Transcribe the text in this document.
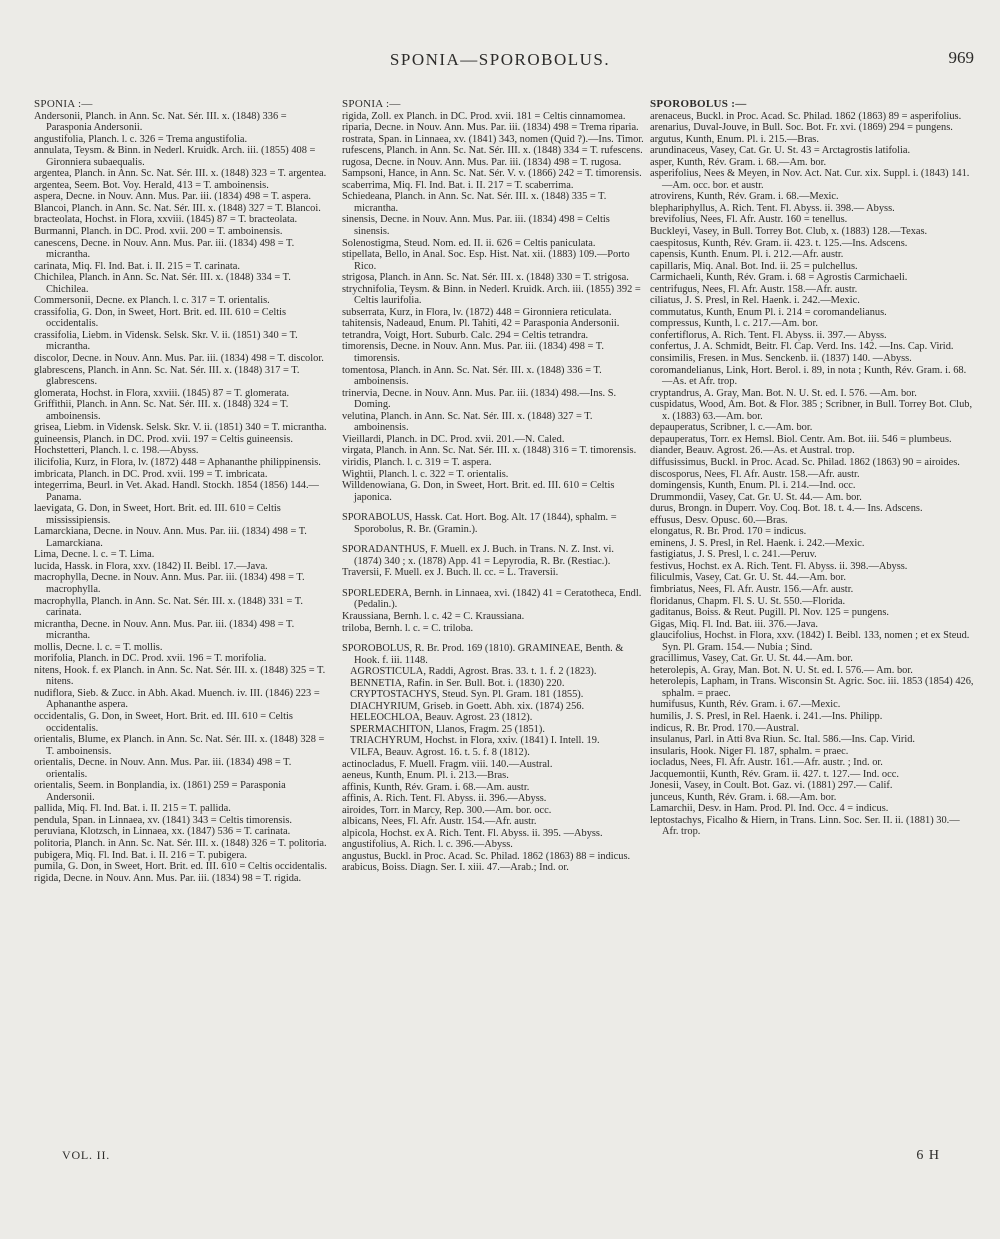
SPONIA—SPOROBOLUS.	969
SPONIA :—
Andersonii, Planch. in Ann. Sc. Nat. Sér. III. x. (1848) 336 = Parasponia Andersonii.
angustifolia, Planch. l. c. 326 = Trema angustifolia.
annulata, Teysm. & Binn. in Nederl. Kruidk. Arch. iii. (1855) 408 = Gironniera subaequalis.
argentea, Planch. in Ann. Sc. Nat. Sér. III. x. (1848) 323 = T. argentea.
argentea, Seem. Bot. Voy. Herald, 413 = T. amboinensis.
aspera, Decne. in Nouv. Ann. Mus. Par. iii. (1834) 498 = T. aspera.
Blancoi, Planch. in Ann. Sc. Nat. Sér. III. x. (1848) 327 = T. Blancoi.
bracteolata, Hochst. in Flora, xxviii. (1845) 87 = T. bracteolata.
Burmanni, Planch. in DC. Prod. xvii. 200 = T. amboinensis.
canescens, Decne. in Nouv. Ann. Mus. Par. iii. (1834) 498 = T. micrantha.
carinata, Miq. Fl. Ind. Bat. i. II. 215 = T. carinata.
Chichilea, Planch. in Ann. Sc. Nat. Sér. III. x. (1848) 334 = T. Chichilea.
Commersonii, Decne. ex Planch. l. c. 317 = T. orientalis.
crassifolia, G. Don, in Sweet, Hort. Brit. ed. III. 610 = Celtis occidentalis.
crassifolia, Liebm. in Vidensk. Selsk. Skr. V. ii. (1851) 340 = T. micrantha.
discolor, Decne. in Nouv. Ann. Mus. Par. iii. (1834) 498 = T. discolor.
glabrescens, Planch. in Ann. Sc. Nat. Sér. III. x. (1848) 317 = T. glabrescens.
glomerata, Hochst. in Flora, xxviii. (1845) 87 = T. glomerata.
Griffithii, Planch. in Ann. Sc. Nat. Sér. III. x. (1848) 324 = T. amboinensis.
grisea, Liebm. in Vidensk. Selsk. Skr. V. ii. (1851) 340 = T. micrantha.
guineensis, Planch. in DC. Prod. xvii. 197 = Celtis guineensis.
Hochstetteri, Planch. l. c. 198.—Abyss.
ilicifolia, Kurz, in Flora, lv. (1872) 448 = Aphananthe philippinensis.
imbricata, Planch. in DC. Prod. xvii. 199 = T. imbricata.
integerrima, Beurl. in Vet. Akad. Handl. Stockh. 1854 (1856) 144.—Panama.
laevigata, G. Don, in Sweet, Hort. Brit. ed. III. 610 = Celtis mississipiensis.
Lamarckiana, Decne. in Nouv. Ann. Mus. Par. iii. (1834) 498 = T. Lamarckiana.
Lima, Decne. l. c. = T. Lima.
lucida, Hassk. in Flora, xxv. (1842) II. Beibl. 17.—Java.
macrophylla, Decne. in Nouv. Ann. Mus. Par. iii. (1834) 498 = T. macrophylla.
macrophylla, Planch. in Ann. Sc. Nat. Sér. III. x. (1848) 331 = T. carinata.
micrantha, Decne. in Nouv. Ann. Mus. Par. iii. (1834) 498 = T. micrantha.
mollis, Decne. l. c. = T. mollis.
morifolia, Planch. in DC. Prod. xvii. 196 = T. morifolia.
nitens, Hook. f. ex Planch. in Ann. Sc. Nat. Sér. III. x. (1848) 325 = T. nitens.
nudiflora, Sieb. & Zucc. in Abh. Akad. Muench. iv. III. (1846) 223 = Aphananthe aspera.
occidentalis, G. Don, in Sweet, Hort. Brit. ed. III. 610 = Celtis occidentalis.
orientalis, Blume, ex Planch. in Ann. Sc. Nat. Sér. III. x. (1848) 328 = T. amboinensis.
orientalis, Decne. in Nouv. Ann. Mus. Par. iii. (1834) 498 = T. orientalis.
orientalis, Seem. in Bonplandia, ix. (1861) 259 = Parasponia Andersonii.
pallida, Miq. Fl. Ind. Bat. i. II. 215 = T. pallida.
pendula, Span. in Linnaea, xv. (1841) 343 = Celtis timorensis.
peruviana, Klotzsch, in Linnaea, xx. (1847) 536 = T. carinata.
politoria, Planch. in Ann. Sc. Nat. Sér. III. x. (1848) 326 = T. politoria.
pubigera, Miq. Fl. Ind. Bat. i. II. 216 = T. pubigera.
pumila, G. Don, in Sweet, Hort. Brit. ed. III. 610 = Celtis occidentalis.
rigida, Decne. in Nouv. Ann. Mus. Par. iii. (1834) 98 = T. rigida.
SPONIA :—
rigida, Zoll. ex Planch. in DC. Prod. xvii. 181 = Celtis cinnamomea.
riparia, Decne. in Nouv. Ann. Mus. Par. iii. (1834) 498 = Trema riparia.
rostrata, Span. in Linnaea, xv. (1841) 343, nomen (Quid ?).—Ins. Timor.
rufescens, Planch. in Ann. Sc. Nat. Sér. III. x. (1848) 334 = T. rufescens.
rugosa, Decne. in Nouv. Ann. Mus. Par. iii. (1834) 498 = T. rugosa.
Sampsoni, Hance, in Ann. Sc. Nat. Sér. V. v. (1866) 242 = T. timorensis.
scaberrima, Miq. Fl. Ind. Bat. i. II. 217 = T. scaberrima.
Schiedeana, Planch. in Ann. Sc. Nat. Sér. III. x. (1848) 335 = T. micrantha.
sinensis, Decne. in Nouv. Ann. Mus. Par. iii. (1834) 498 = Celtis sinensis.
Solenostigma, Steud. Nom. ed. II. ii. 626 = Celtis paniculata.
stipellata, Bello, in Anal. Soc. Esp. Hist. Nat. xii. (1883) 109.—Porto Rico.
strigosa, Planch. in Ann. Sc. Nat. Sér. III. x. (1848) 330 = T. strigosa.
strychnifolia, Teysm. & Binn. in Nederl. Kruidk. Arch. iii. (1855) 392 = Celtis laurifolia.
subserrata, Kurz, in Flora, lv. (1872) 448 = Gironniera reticulata.
tahitensis, Nadeaud, Enum. Pl. Tahiti, 42 = Parasponia Andersonii.
tetrandra, Voigt, Hort. Suburb. Calc. 294 = Celtis tetrandra.
timorensis, Decne. in Nouv. Ann. Mus. Par. iii. (1834) 498 = T. timorensis.
tomentosa, Planch. in Ann. Sc. Nat. Sér. III. x. (1848) 336 = T. amboinensis.
trinervia, Decne. in Nouv. Ann. Mus. Par. iii. (1834) 498.—Ins. S. Doming.
velutina, Planch. in Ann. Sc. Nat. Sér. III. x. (1848) 327 = T. amboinensis.
Vieillardi, Planch. in DC. Prod. xvii. 201.—N. Caled.
virgata, Planch. in Ann. Sc. Nat. Sér. III. x. (1848) 316 = T. timorensis.
viridis, Planch. l. c. 319 = T. aspera.
Wightii, Planch. l. c. 322 = T. orientalis.
Willdenowiana, G. Don, in Sweet, Hort. Brit. ed. III. 610 = Celtis japonica.
SPORABOLUS, Hassk. Cat. Hort. Bog. Alt. 17 (1844), sphalm. = Sporobolus, R. Br. (Gramin.).
SPORADANTHUS, F. Muell. ex J. Buch. in Trans. N. Z. Inst. vi. (1874) 340 ; x. (1878) App. 41 = Lepyrodia, R. Br. (Restiac.).
Traversii, F. Muell. ex J. Buch. ll. cc. = L. Traversii.
SPORLEDERA, Bernh. in Linnaea, xvi. (1842) 41 = Ceratotheca, Endl. (Pedalin.).
Kraussiana, Bernh. l. c. 42 = C. Kraussiana.
triloba, Bernh. l. c. = C. triloba.
SPOROBOLUS, R. Br. Prod. 169 (1810). GRAMINEAE, Benth. & Hook. f. iii. 1148.
AGROSTICULA, Raddi, Agrost. Bras. 33. t. 1. f. 2 (1823).
BENNETIA, Rafin. in Ser. Bull. Bot. i. (1830) 220.
CRYPTOSTACHYS, Steud. Syn. Pl. Gram. 181 (1855).
DIACHYRIUM, Griseb. in Goett. Abh. xix. (1874) 256.
HELEOCHLOA, Beauv. Agrost. 23 (1812).
SPERMACHITON, Llanos, Fragm. 25 (1851).
TRIACHYRUM, Hochst. in Flora, xxiv. (1841) I. Intell. 19.
VILFA, Beauv. Agrost. 16. t. 5. f. 8 (1812).
actinocladus, F. Muell. Fragm. viii. 140.—Austral.
aeneus, Kunth, Enum. Pl. i. 213.—Bras.
affinis, Kunth, Rév. Gram. i. 68.—Am. austr.
affinis, A. Rich. Tent. Fl. Abyss. ii. 396.—Abyss.
airoides, Torr. in Marcy, Rep. 300.—Am. bor. occ.
albicans, Nees, Fl. Afr. Austr. 154.—Afr. austr.
alpicola, Hochst. ex A. Rich. Tent. Fl. Abyss. ii. 395. —Abyss.
angustifolius, A. Rich. l. c. 396.—Abyss.
angustus, Buckl. in Proc. Acad. Sc. Philad. 1862 (1863) 88 = indicus.
arabicus, Boiss. Diagn. Ser. I. xiii. 47.—Arab.; Ind. or.
SPOROBOLUS :—
arenaceus, Buckl. in Proc. Acad. Sc. Philad. 1862 (1863) 89 = asperifolius.
arenarius, Duval-Jouve, in Bull. Soc. Bot. Fr. xvi. (1869) 294 = pungens.
argutus, Kunth, Enum. Pl. i. 215.—Bras.
arundinaceus, Vasey, Cat. Gr. U. St. 43 = Arctagrostis latifolia.
asper, Kunth, Rév. Gram. i. 68.—Am. bor.
asperifolius, Nees & Meyen, in Nov. Act. Nat. Cur. xix. Suppl. i. (1843) 141.—Am. occ. bor. et austr.
atrovirens, Kunth, Rév. Gram. i. 68.—Mexic.
blepharіphyllus, A. Rich. Tent. Fl. Abyss. ii. 398.— Abyss.
brevifolius, Nees, Fl. Afr. Austr. 160 = tenellus.
Buckleyi, Vasey, in Bull. Torrey Bot. Club, x. (1883) 128.—Texas.
caespitosus, Kunth, Rév. Gram. ii. 423. t. 125.—Ins. Adscens.
capensis, Kunth. Enum. Pl. i. 212.—Afr. austr.
capillaris, Miq. Anal. Bot. Ind. ii. 25 = pulchellus.
Carmichaeli, Kunth, Rév. Gram. i. 68 = Agrostis Carmichaeli.
centrifugus, Nees, Fl. Afr. Austr. 158.—Afr. austr.
ciliatus, J. S. Presl, in Rel. Haenk. i. 242.—Mexic.
commutatus, Kunth, Enum Pl. i. 214 = coromandelianus.
compressus, Kunth, l. c. 217.—Am. bor.
confertiflorus, A. Rich. Tent. Fl. Abyss. ii. 397.— Abyss.
confertus, J. A. Schmidt, Beitr. Fl. Cap. Verd. Ins. 142. —Ins. Cap. Virid.
consimilis, Fresen. in Mus. Senckenb. ii. (1837) 140. —Abyss.
coromandelianus, Link, Hort. Berol. i. 89, in nota ; Kunth, Rév. Gram. i. 68.—As. et Afr. trop.
cryptandrus, A. Gray, Man. Bot. N. U. St. ed. I. 576. —Am. bor.
cuspidatus, Wood, Am. Bot. & Flor. 385 ; Scribner, in Bull. Torrey Bot. Club, x. (1883) 63.—Am. bor.
depauperatus, Scribner, l. c.—Am. bor.
depauperatus, Torr. ex Hemsl. Biol. Centr. Am. Bot. iii. 546 = plumbeus.
diander, Beauv. Agrost. 26.—As. et Austral. trop.
diffusissimus, Buckl. in Proc. Acad. Sc. Philad. 1862 (1863) 90 = airoides.
discosporus, Nees, Fl. Afr. Austr. 158.—Afr. austr.
domingensis, Kunth, Enum. Pl. i. 214.—Ind. occ.
Drummondii, Vasey, Cat. Gr. U. St. 44.— Am. bor.
durus, Brongn. in Duperr. Voy. Coq. Bot. 18. t. 4.— Ins. Adscens.
effusus, Desv. Opusc. 60.—Bras.
elongatus, R. Br. Prod. 170 = indicus.
eminens, J. S. Presl, in Rel. Haenk. i. 242.—Mexic.
fastigiatus, J. S. Presl, l. c. 241.—Peruv.
festivus, Hochst. ex A. Rich. Tent. Fl. Abyss. ii. 398.—Abyss.
filiculmis, Vasey, Cat. Gr. U. St. 44.—Am. bor.
fimbriatus, Nees, Fl. Afr. Austr. 156.—Afr. austr.
floridanus, Chapm. Fl. S. U. St. 550.—Florida.
gaditanus, Boiss. & Reut. Pugill. Pl. Nov. 125 = pungens.
Gigas, Miq. Fl. Ind. Bat. iii. 376.—Java.
glaucifolius, Hochst. in Flora, xxv. (1842) I. Beibl. 133, nomen ; et ex Steud. Syn. Pl. Gram. 154.— Nubia ; Sind.
gracillimus, Vasey, Cat. Gr. U. St. 44.—Am. bor.
heterolepis, A. Gray, Man. Bot. N. U. St. ed. I. 576.— Am. bor.
heterolepis, Lapham, in Trans. Wisconsin St. Agric. Soc. iii. 1853 (1854) 426, sphalm. = praec.
humifusus, Kunth, Rév. Gram. i. 67.—Mexic.
humilis, J. S. Presl, in Rel. Haenk. i. 241.—Ins. Philipp.
indicus, R. Br. Prod. 170.—Austral.
insulanus, Parl. in Atti 8va Riun. Sc. Ital. 586.—Ins. Cap. Virid.
insularis, Hook. Niger Fl. 187, sphalm. = praec.
iocladus, Nees, Fl. Afr. Austr. 161.—Afr. austr. ; Ind. or.
Jacquemontii, Kunth, Rév. Gram. ii. 427. t. 127.— Ind. occ.
Jonesii, Vasey, in Coult. Bot. Gaz. vi. (1881) 297.— Calif.
junceus, Kunth, Rév. Gram. i. 68.—Am. bor.
Lamarchii, Desv. in Ham. Prod. Pl. Ind. Occ. 4 = indicus.
leptostachys, Ficalho & Hiern, in Trans. Linn. Soc. Ser. II. ii. (1881) 30.—Afr. trop.
VOL. II.	6 H
